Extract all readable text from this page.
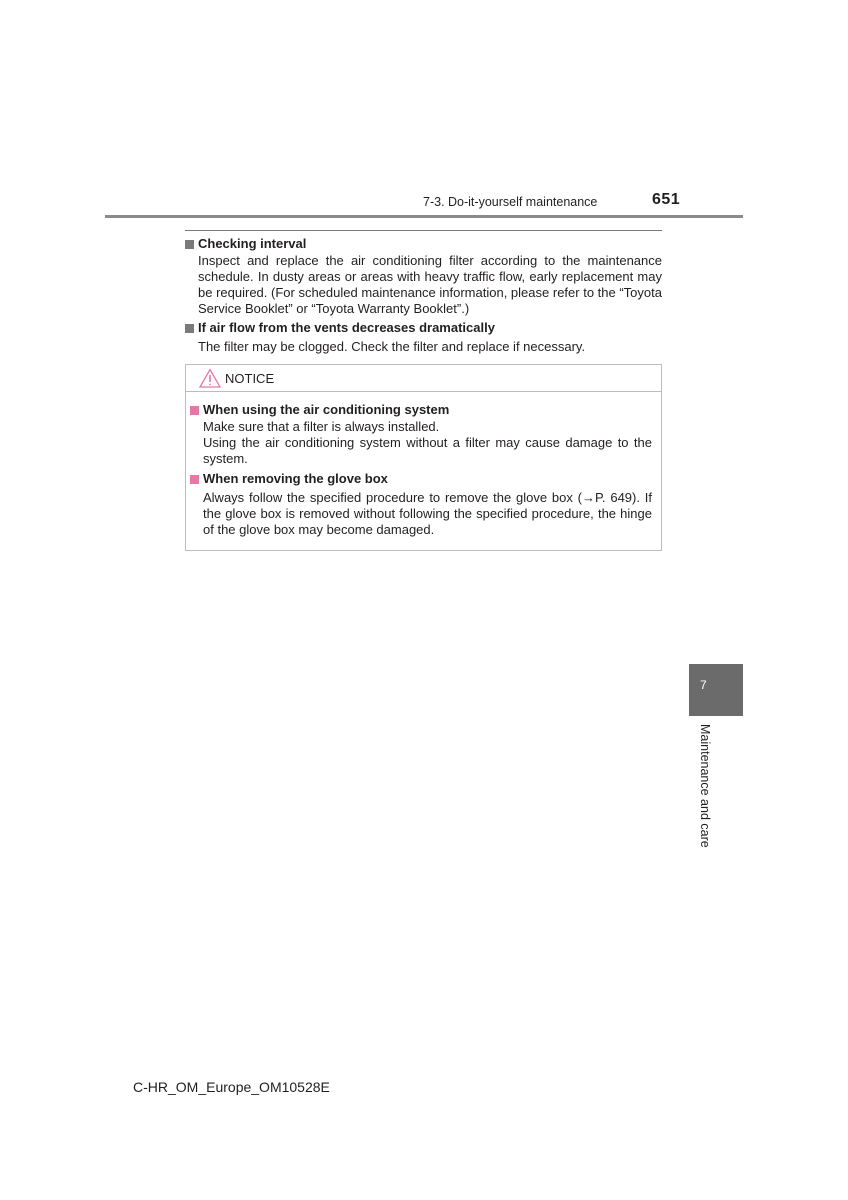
7-3. Do-it-yourself maintenance	651
Checking interval
Inspect and replace the air conditioning filter according to the maintenance schedule. In dusty areas or areas with heavy traffic flow, early replacement may be required. (For scheduled maintenance information, please refer to the “Toyota Service Booklet” or “Toyota Warranty Booklet”.)
If air flow from the vents decreases dramatically
The filter may be clogged. Check the filter and replace if necessary.
NOTICE
When using the air conditioning system
Make sure that a filter is always installed.
Using the air conditioning system without a filter may cause damage to the system.
When removing the glove box
Always follow the specified procedure to remove the glove box (→P. 649). If the glove box is removed without following the specified procedure, the hinge of the glove box may become damaged.
7
Maintenance and care
C-HR_OM_Europe_OM10528E
